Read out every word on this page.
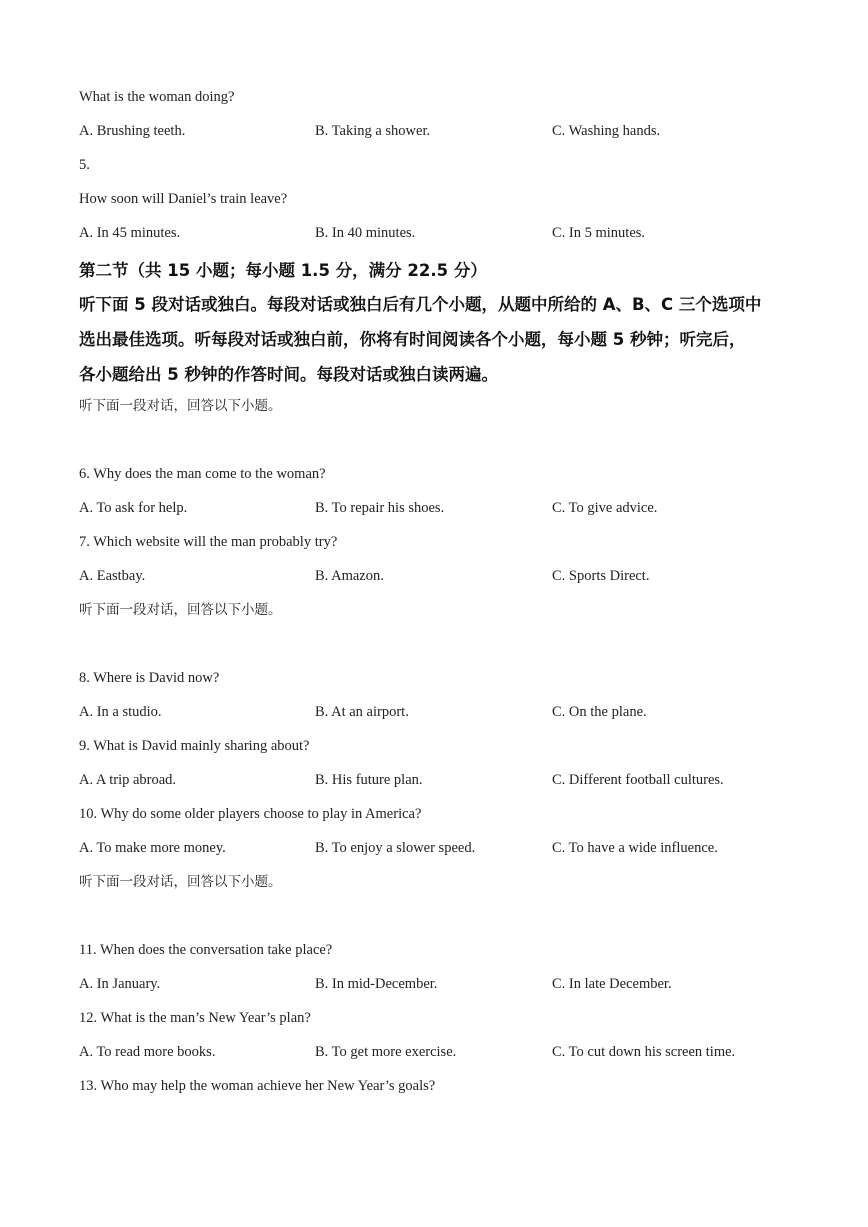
What is the woman doing?
A. Brushing teeth.	B. Taking a shower.	C. Washing hands.
5.
How soon will Daniel’s train leave?
A. In 45 minutes.	B. In 40 minutes.	C. In 5 minutes.
第二节（共 15 小题；每小题 1.5 分，满分 22.5 分）
听下面 5 段对话或独白。每段对话或独白后有几个小题，从题中所给的 A、B、C 三个选项中
选出最佳选项。听每段对话或独白前，你将有时间阅读各个小题，每小题 5 秒钟；听完后，
各小题给出 5 秒钟的作答时间。每段对话或独白读两遍。
听下面一段对话，回答以下小题。
6. Why does the man come to the woman?
A. To ask for help.	B. To repair his shoes.	C. To give advice.
7. Which website will the man probably try?
A. Eastbay.	B. Amazon.	C. Sports Direct.
听下面一段对话，回答以下小题。
8. Where is David now?
A. In a studio.	B. At an airport.	C. On the plane.
9. What is David mainly sharing about?
A. A trip abroad.	B. His future plan.	C. Different football cultures.
10. Why do some older players choose to play in America?
A. To make more money.	B. To enjoy a slower speed.	C. To have a wide influence.
听下面一段对话，回答以下小题。
11. When does the conversation take place?
A. In January.	B. In mid-December.	C. In late December.
12. What is the man’s New Year’s plan?
A. To read more books.	B. To get more exercise.	C. To cut down his screen time.
13. Who may help the woman achieve her New Year’s goals?
